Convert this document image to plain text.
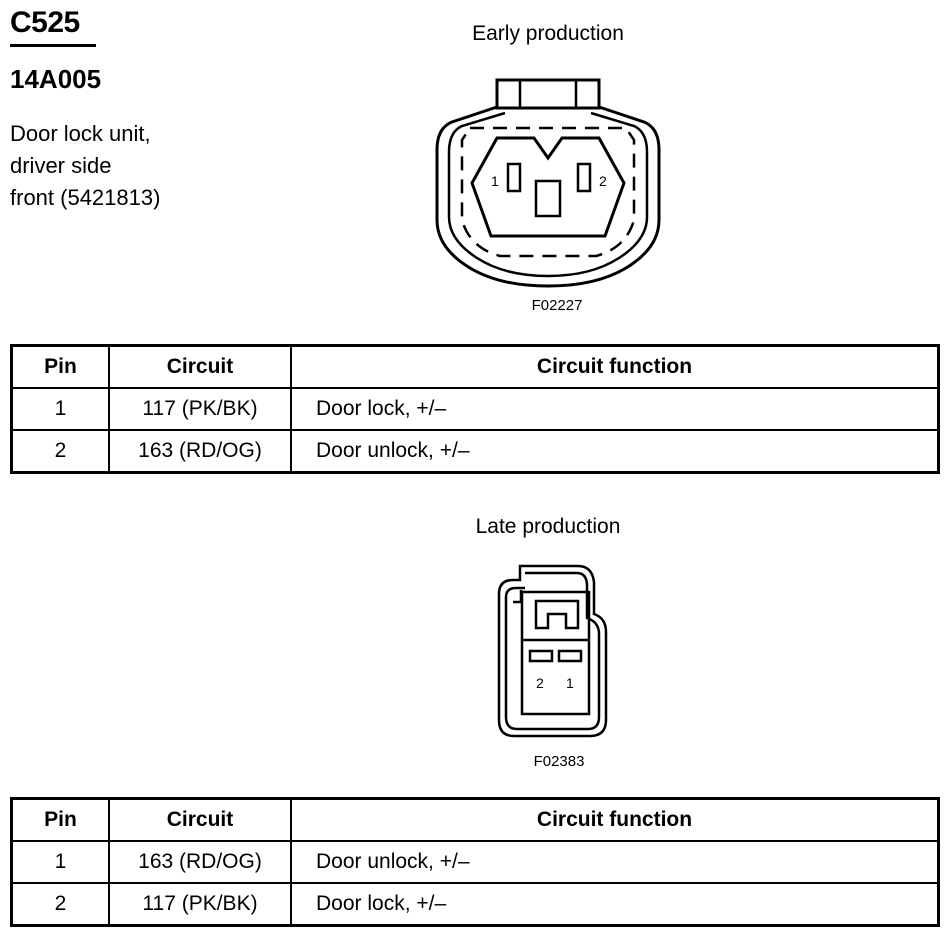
C525
14A005
Door lock unit,
driver side
front (5421813)
Early production
1	2
F02227
Pin	Circuit	Circuit function
1	117 (PK/BK)	Door lock, +/–
2	163 (RD/OG)	Door unlock, +/–
Late production
2 1
F02383
Pin	Circuit	Circuit function
1	163 (RD/OG)	Door unlock, +/–
2	117 (PK/BK)	Door lock, +/–
